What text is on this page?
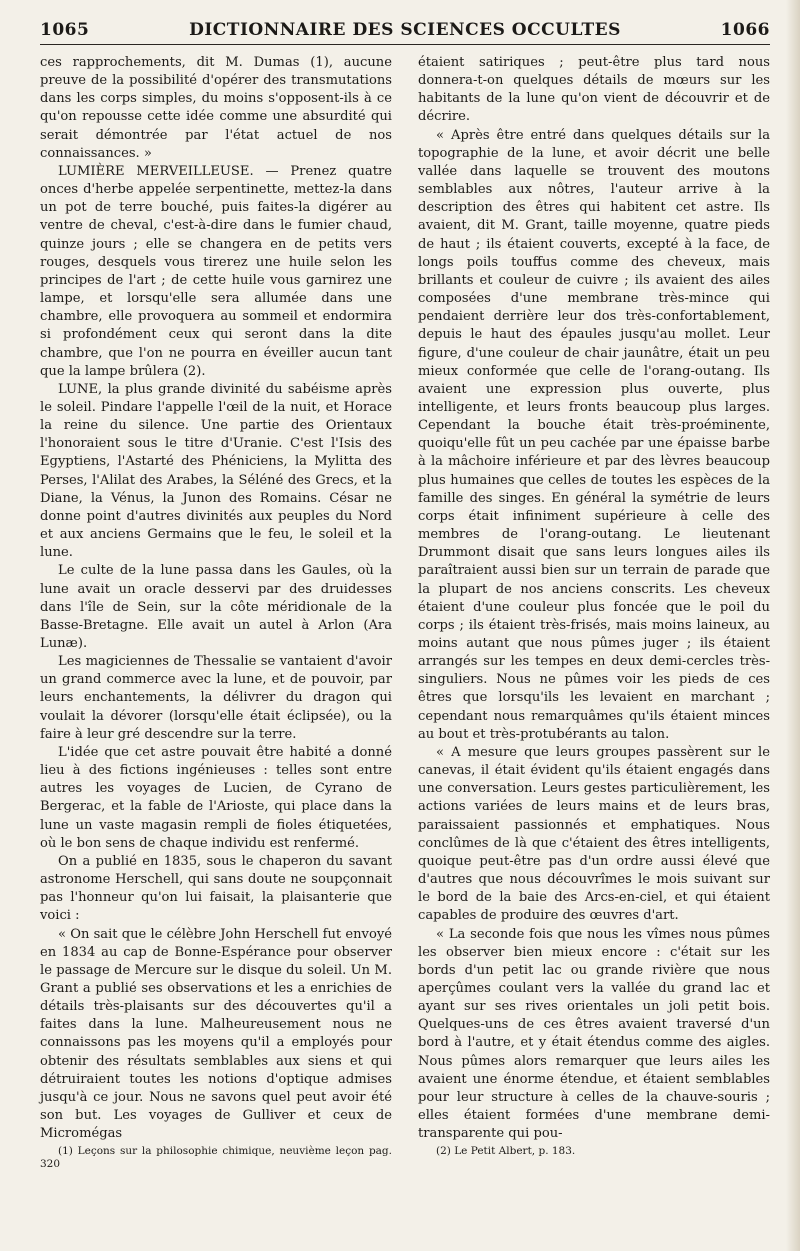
1065	DICTIONNAIRE DES SCIENCES OCCULTES	1066

ces rapprochements, dit M. Dumas (1), aucune preuve de la possibilité d'opérer des transmutations dans les corps simples, du moins s'opposent-ils à ce qu'on repousse cette idée comme une absurdité qui serait démontrée par l'état actuel de nos connaissances. »

LUMIÈRE MERVEILLEUSE. — Prenez quatre onces d'herbe appelée serpentinette, mettez-la dans un pot de terre bouché, puis faites-la digérer au ventre de cheval, c'est-à-dire dans le fumier chaud, quinze jours ; elle se changera en de petits vers rouges, desquels vous tirerez une huile selon les principes de l'art ; de cette huile vous garnirez une lampe, et lorsqu'elle sera allumée dans une chambre, elle provoquera au sommeil et endormira si profondément ceux qui seront dans la dite chambre, que l'on ne pourra en éveiller aucun tant que la lampe brûlera (2).

LUNE, la plus grande divinité du sabéisme après le soleil. Pindare l'appelle l'œil de la nuit, et Horace la reine du silence. Une partie des Orientaux l'honoraient sous le titre d'Uranie. C'est l'Isis des Egyptiens, l'Astarté des Phéniciens, la Mylitta des Perses, l'Alilat des Arabes, la Séléné des Grecs, et la Diane, la Vénus, la Junon des Romains. César ne donne point d'autres divinités aux peuples du Nord et aux anciens Germains que le feu, le soleil et la lune.

Le culte de la lune passa dans les Gaules, où la lune avait un oracle desservi par des druidesses dans l'île de Sein, sur la côte méridionale de la Basse-Bretagne. Elle avait un autel à Arlon (Ara Lunæ).

Les magiciennes de Thessalie se vantaient d'avoir un grand commerce avec la lune, et de pouvoir, par leurs enchantements, la délivrer du dragon qui voulait la dévorer (lorsqu'elle était éclipsée), ou la faire à leur gré descendre sur la terre.

L'idée que cet astre pouvait être habité a donné lieu à des fictions ingénieuses : telles sont entre autres les voyages de Lucien, de Cyrano de Bergerac, et la fable de l'Arioste, qui place dans la lune un vaste magasin rempli de fioles étiquetées, où le bon sens de chaque individu est renfermé.

On a publié en 1835, sous le chaperon du savant astronome Herschell, qui sans doute ne soupçonnait pas l'honneur qu'on lui faisait, la plaisanterie que voici :

« On sait que le célèbre John Herschell fut envoyé en 1834 au cap de Bonne-Espérance pour observer le passage de Mercure sur le disque du soleil. Un M. Grant a publié ses observations et les a enrichies de détails très-plaisants sur des découvertes qu'il a faites dans la lune. Malheureusement nous ne connaissons pas les moyens qu'il a employés pour obtenir des résultats semblables aux siens et qui détruiraient toutes les notions d'optique admises jusqu'à ce jour. Nous ne savons quel peut avoir été son but. Les voyages de Gulliver et ceux de Micromégas

(1) Leçons sur la philosophie chimique, neuvième leçon pag. 320

étaient satiriques ; peut-être plus tard nous donnera-t-on quelques détails de mœurs sur les habitants de la lune qu'on vient de découvrir et de décrire.

« Après être entré dans quelques détails sur la topographie de la lune, et avoir décrit une belle vallée dans laquelle se trouvent des moutons semblables aux nôtres, l'auteur arrive à la description des êtres qui habitent cet astre. Ils avaient, dit M. Grant, taille moyenne, quatre pieds de haut ; ils étaient couverts, excepté à la face, de longs poils touffus comme des cheveux, mais brillants et couleur de cuivre ; ils avaient des ailes composées d'une membrane très-mince qui pendaient derrière leur dos très-confortablement, depuis le haut des épaules jusqu'au mollet. Leur figure, d'une couleur de chair jaunâtre, était un peu mieux conformée que celle de l'orang-outang. Ils avaient une expression plus ouverte, plus intelligente, et leurs fronts beaucoup plus larges. Cependant la bouche était très-proéminente, quoiqu'elle fût un peu cachée par une épaisse barbe à la mâchoire inférieure et par des lèvres beaucoup plus humaines que celles de toutes les espèces de la famille des singes. En général la symétrie de leurs corps était infiniment supérieure à celle des membres de l'orang-outang. Le lieutenant Drummont disait que sans leurs longues ailes ils paraîtraient aussi bien sur un terrain de parade que la plupart de nos anciens conscrits. Les cheveux étaient d'une couleur plus foncée que le poil du corps ; ils étaient très-frisés, mais moins laineux, au moins autant que nous pûmes juger ; ils étaient arrangés sur les tempes en deux demi-cercles très-singuliers. Nous ne pûmes voir les pieds de ces êtres que lorsqu'ils les levaient en marchant ; cependant nous remarquâmes qu'ils étaient minces au bout et très-protubérants au talon.

« A mesure que leurs groupes passèrent sur le canevas, il était évident qu'ils étaient engagés dans une conversation. Leurs gestes particulièrement, les actions variées de leurs mains et de leurs bras, paraissaient passionnés et emphatiques. Nous conclûmes de là que c'étaient des êtres intelligents, quoique peut-être pas d'un ordre aussi élevé que d'autres que nous découvrîmes le mois suivant sur le bord de la baie des Arcs-en-ciel, et qui étaient capables de produire des œuvres d'art.

« La seconde fois que nous les vîmes nous pûmes les observer bien mieux encore : c'était sur les bords d'un petit lac ou grande rivière que nous aperçûmes coulant vers la vallée du grand lac et ayant sur ses rives orientales un joli petit bois. Quelques-uns de ces êtres avaient traversé d'un bord à l'autre, et y était étendus comme des aigles. Nous pûmes alors remarquer que leurs ailes les avaient une énorme étendue, et étaient semblables pour leur structure à celles de la chauve-souris ; elles étaient formées d'une membrane demi-transparente qui pou-

(2) Le Petit Albert, p. 183.
